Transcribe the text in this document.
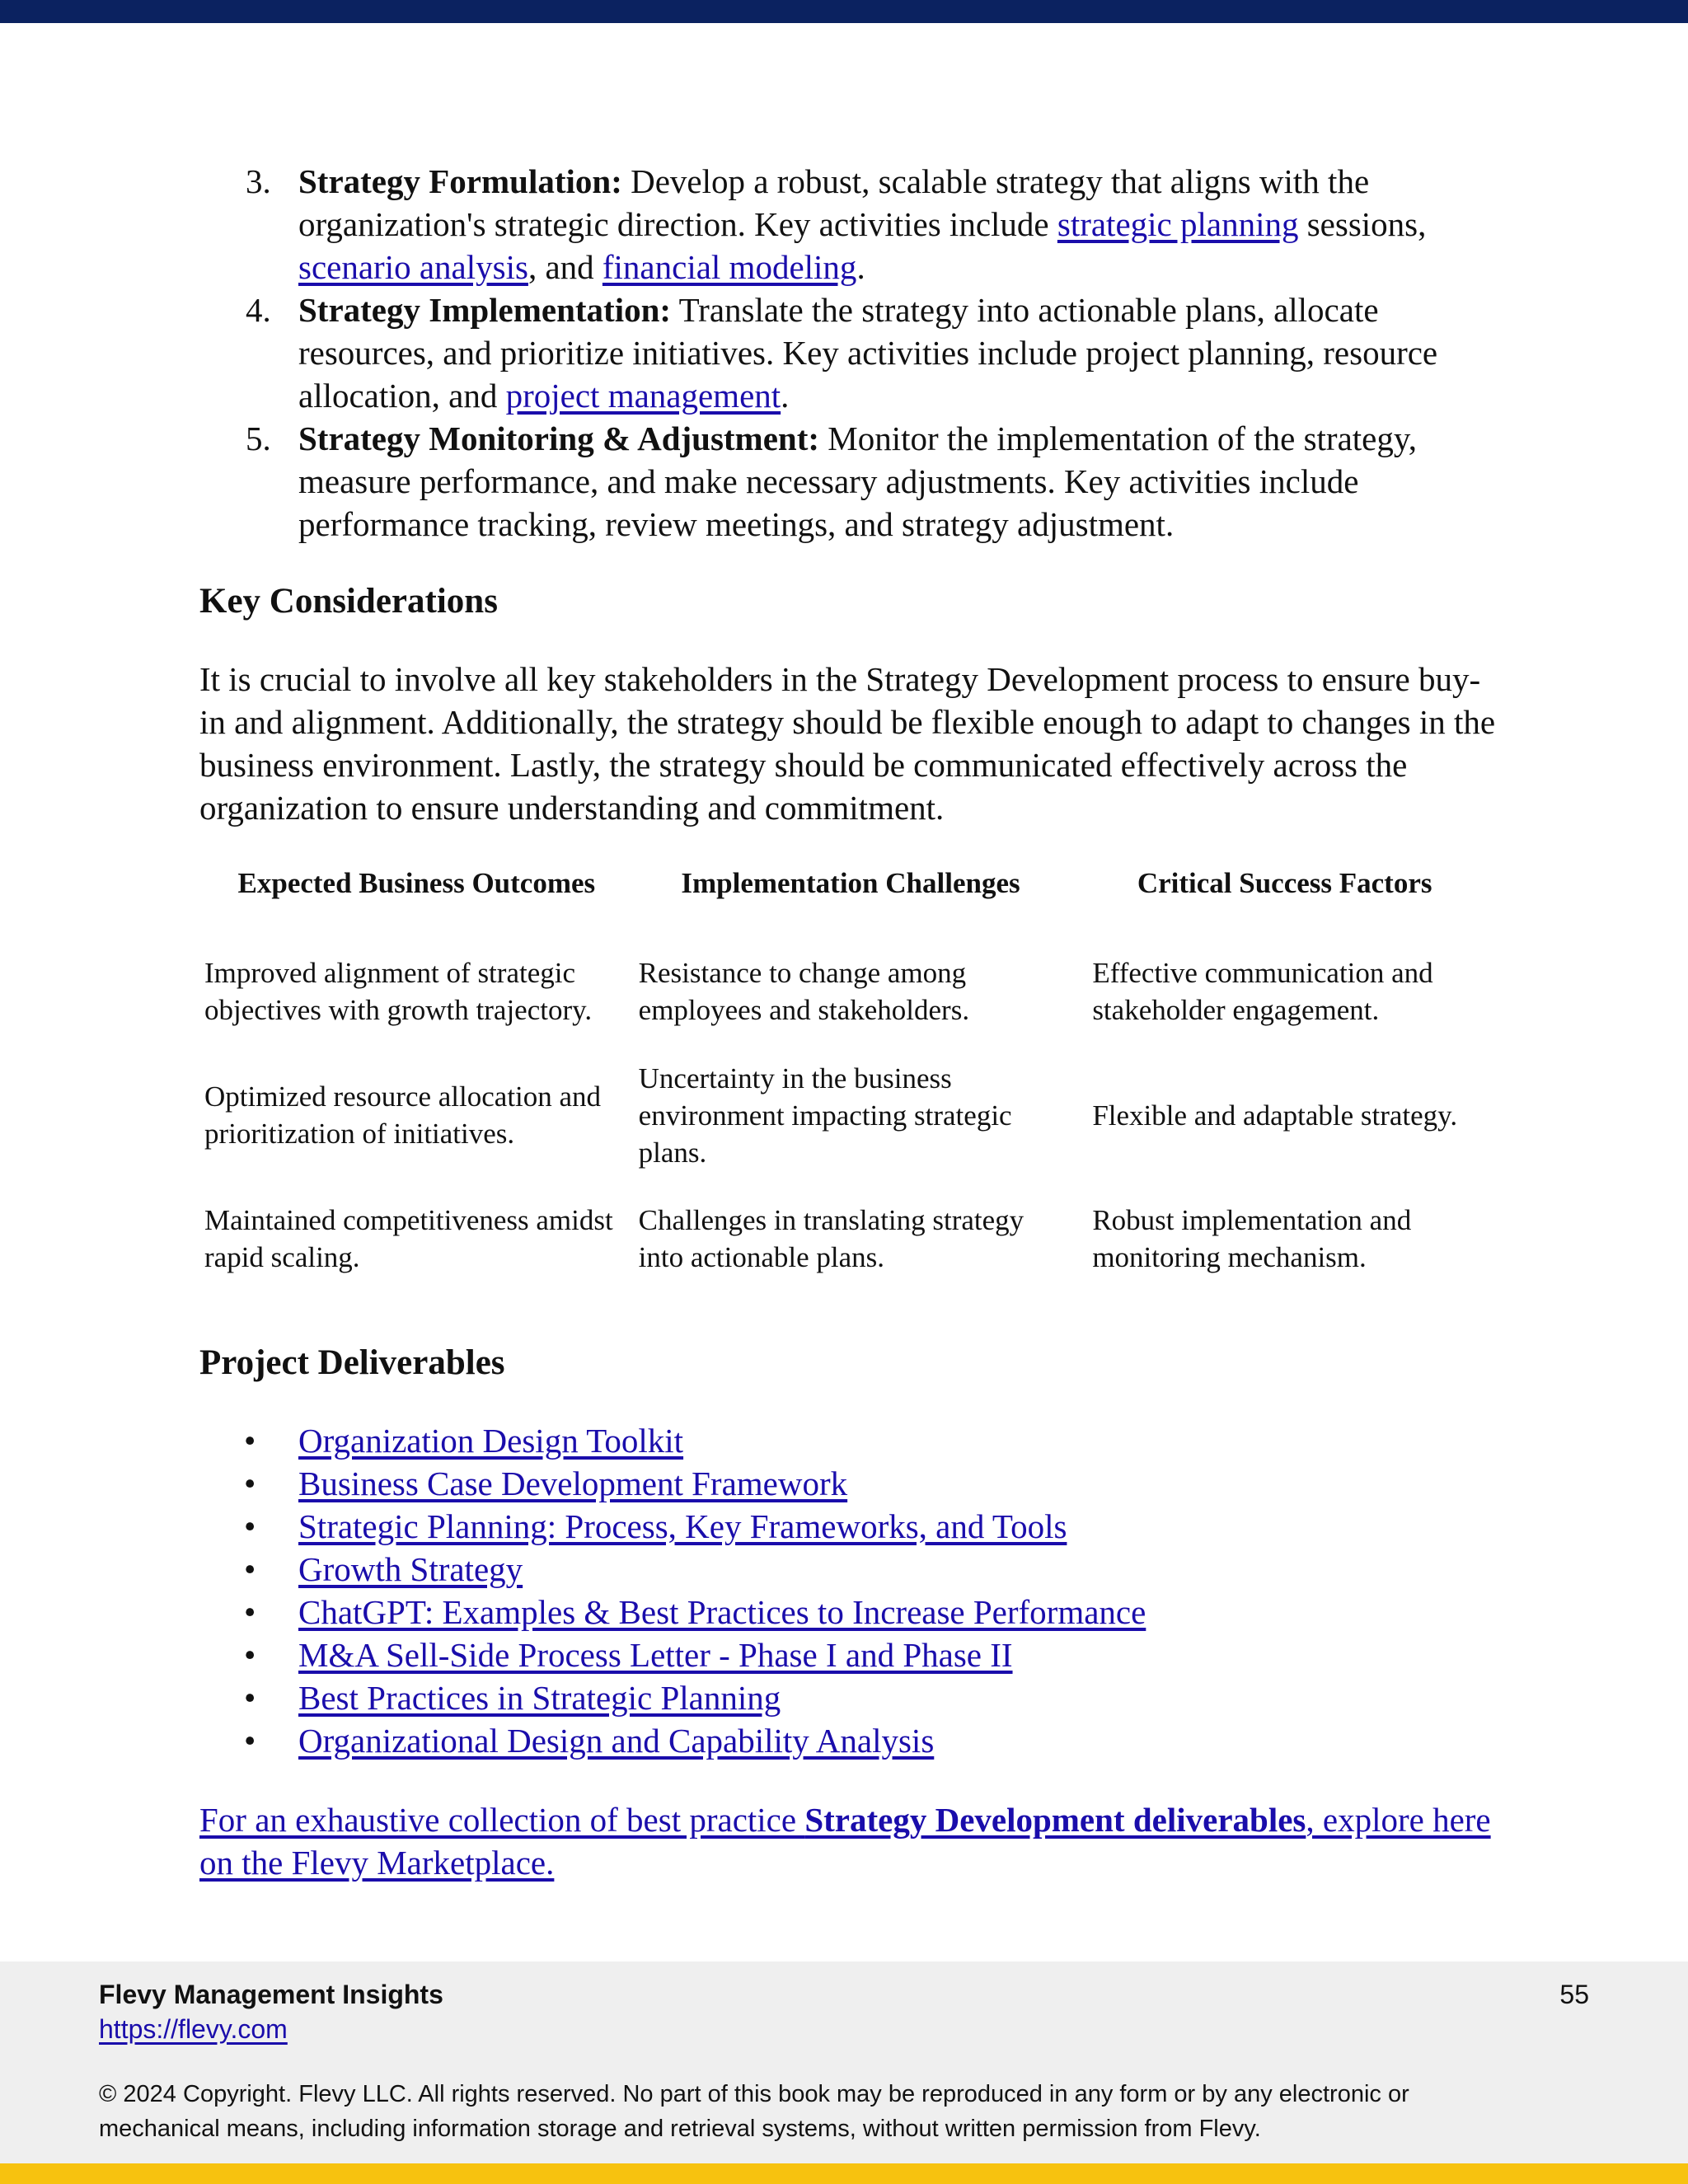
3. Strategy Formulation: Develop a robust, scalable strategy that aligns with the organization's strategic direction. Key activities include strategic planning sessions, scenario analysis, and financial modeling.
4. Strategy Implementation: Translate the strategy into actionable plans, allocate resources, and prioritize initiatives. Key activities include project planning, resource allocation, and project management.
5. Strategy Monitoring & Adjustment: Monitor the implementation of the strategy, measure performance, and make necessary adjustments. Key activities include performance tracking, review meetings, and strategy adjustment.
Key Considerations

It is crucial to involve all key stakeholders in the Strategy Development process to ensure buy-in and alignment. Additionally, the strategy should be flexible enough to adapt to changes in the business environment. Lastly, the strategy should be communicated effectively across the organization to ensure understanding and commitment.

Expected Business Outcomes	Implementation Challenges	Critical Success Factors
Improved alignment of strategic objectives with growth trajectory.	Resistance to change among employees and stakeholders.	Effective communication and stakeholder engagement.
Optimized resource allocation and prioritization of initiatives.	Uncertainty in the business environment impacting strategic plans.	Flexible and adaptable strategy.
Maintained competitiveness amidst rapid scaling.	Challenges in translating strategy into actionable plans.	Robust implementation and monitoring mechanism.
Project Deliverables
• Organization Design Toolkit
• Business Case Development Framework
• Strategic Planning: Process, Key Frameworks, and Tools
• Growth Strategy
• ChatGPT: Examples & Best Practices to Increase Performance
• M&A Sell-Side Process Letter - Phase I and Phase II
• Best Practices in Strategic Planning
• Organizational Design and Capability Analysis
For an exhaustive collection of best practice Strategy Development deliverables, explore here on the Flevy Marketplace.
Flevy Management Insights
https://flevy.com
55
© 2024 Copyright. Flevy LLC. All rights reserved. No part of this book may be reproduced in any form or by any electronic or mechanical means, including information storage and retrieval systems, without written permission from Flevy.
